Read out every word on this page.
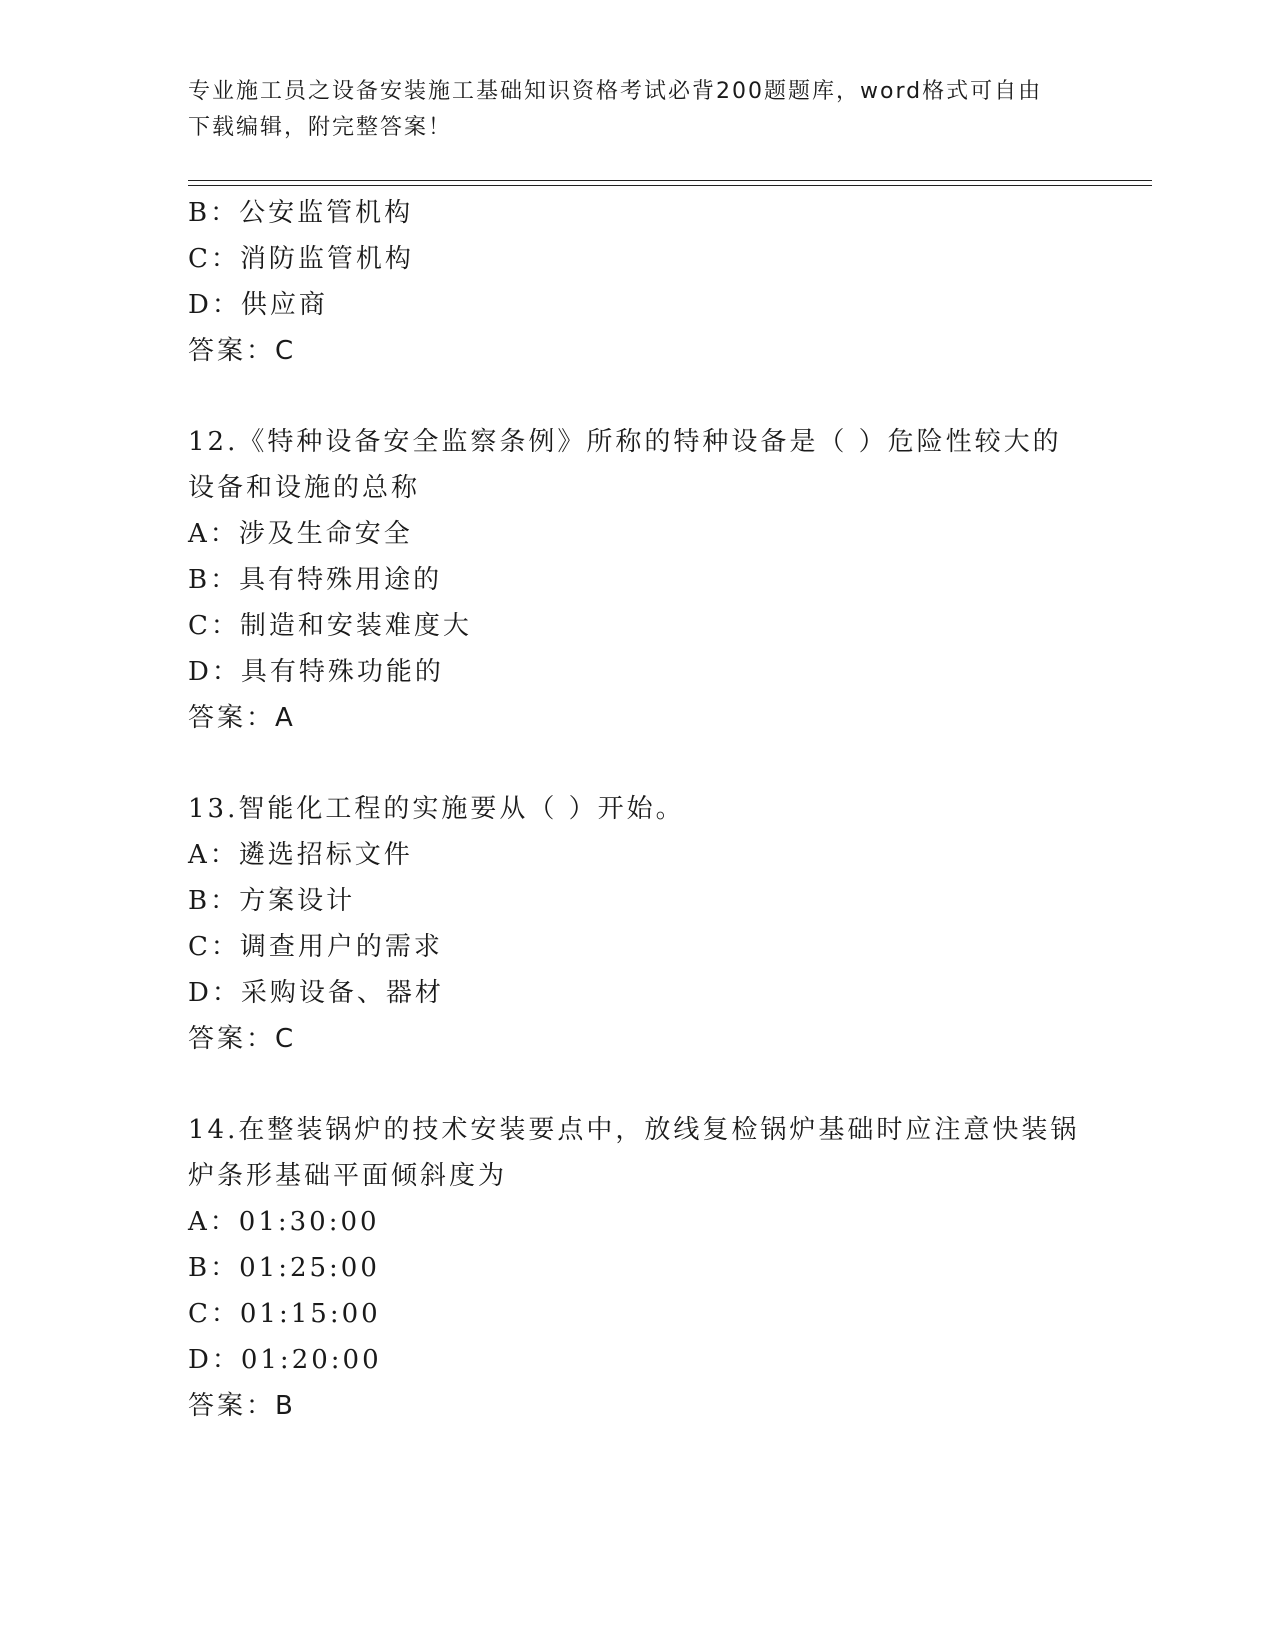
专业施工员之设备安装施工基础知识资格考试必背200题题库，word格式可自由
下载编辑，附完整答案！
B：公安监管机构
C：消防监管机构
D：供应商
答案：C
12.《特种设备安全监察条例》所称的特种设备是（ ）危险性较大的
设备和设施的总称
A：涉及生命安全
B：具有特殊用途的
C：制造和安装难度大
D：具有特殊功能的
答案：A
13.智能化工程的实施要从（ ）开始。
A：遴选招标文件
B：方案设计
C：调查用户的需求
D：采购设备、器材
答案：C
14.在整装锅炉的技术安装要点中，放线复检锅炉基础时应注意快装锅
炉条形基础平面倾斜度为
A：01:30:00
B：01:25:00
C：01:15:00
D：01:20:00
答案：B
